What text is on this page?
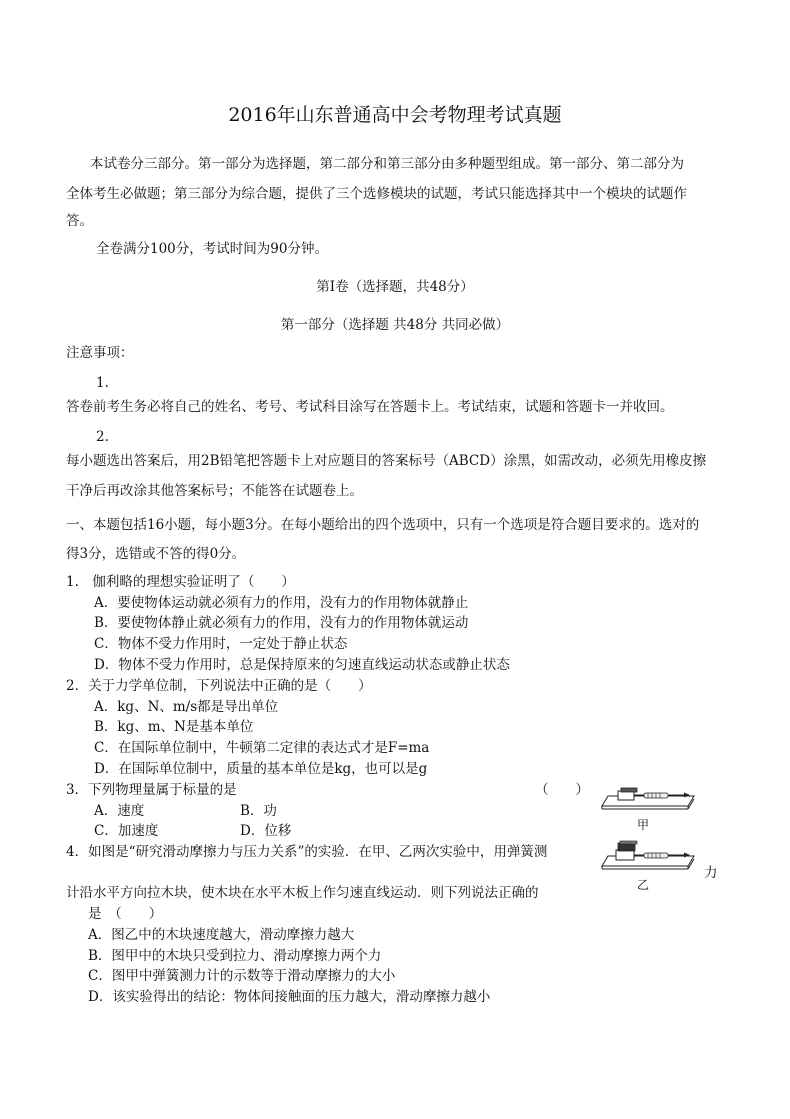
2016年山东普通高中会考物理考试真题
本试卷分三部分。第一部分为选择题，第二部分和第三部分由多种题型组成。第一部分、第二部分为
全体考生必做题；第三部分为综合题，提供了三个选修模块的试题，考试只能选择其中一个模块的试题作
答。
全卷满分100分，考试时间为90分钟。
第Ⅰ卷（选择题，共48分）
第一部分（选择题 共48分 共同必做）
注意事项：
1.
答卷前考生务必将自己的姓名、考号、考试科目涂写在答题卡上。考试结束，试题和答题卡一并收回。
2.
每小题选出答案后，用2B铅笔把答题卡上对应题目的答案标号（ABCD）涂黑，如需改动，必须先用橡皮擦
干净后再改涂其他答案标号；不能答在试题卷上。
一、本题包括16小题，每小题3分。在每小题给出的四个选项中，只有一个选项是符合题目要求的。选对的
得3分，选错或不答的得0分。
1.　伽利略的理想实验证明了（　　）
A．要使物体运动就必须有力的作用，没有力的作用物体就静止
B．要使物体静止就必须有力的作用，没有力的作用物体就运动
C．物体不受力作用时，一定处于静止状态
D．物体不受力作用时，总是保持原来的匀速直线运动状态或静止状态
2．关于力学单位制，下列说法中正确的是（　　）
A．kg、N、m/s都是导出单位
B．kg、m、N是基本单位
C．在国际单位制中，牛顿第二定律的表达式才是F=ma
D．在国际单位制中，质量的基本单位是kg，也可以是g
3．下列物理量属于标量的是	（　　）
A．速度	B．功
C．加速度	D．位移
4．如图是“研究滑动摩擦力与压力关系”的实验．在甲、乙两次实验中，用弹簧测
力
计沿水平方向拉木块，使木块在水平木板上作匀速直线运动．则下列说法正确的
是　（　　）
A．图乙中的木块速度越大，滑动摩擦力越大
B．图甲中的木块只受到拉力、滑动摩擦力两个力
C．图甲中弹簧测力计的示数等于滑动摩擦力的大小
D．该实验得出的结论：物体间接触面的压力越大，滑动摩擦力越小
甲
乙
